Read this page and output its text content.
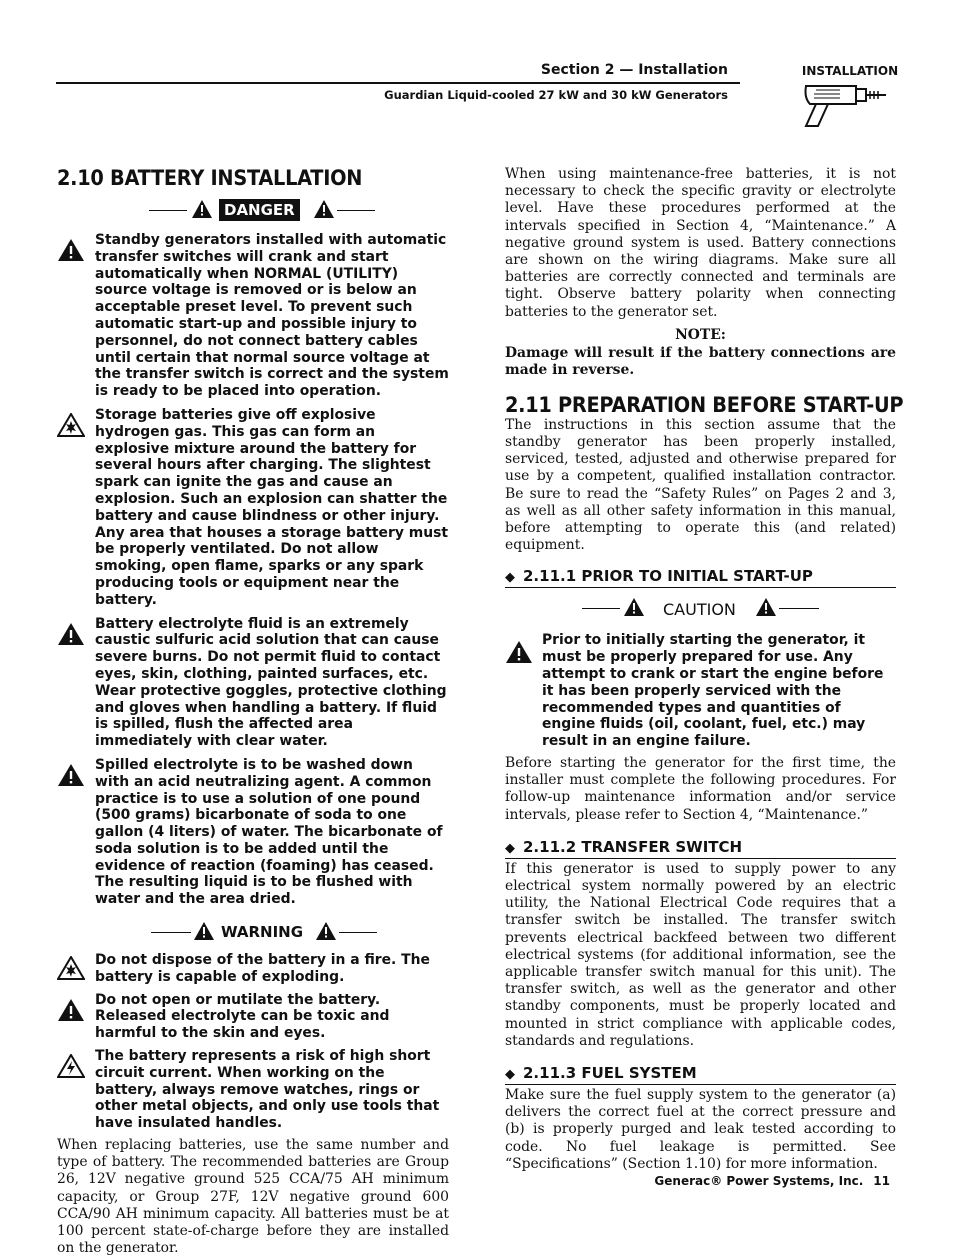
Section 2 — Installation
Guardian Liquid-cooled 27 kW and 30 kW Generators
INSTALLATION
2.10 BATTERY INSTALLATION
DANGER

Standby generators installed with automatic transfer switches will crank and start automatically when NORMAL (UTILITY) source voltage is removed or is below an acceptable preset level. To prevent such automatic start-up and possible injury to personnel, do not connect battery cables until certain that normal source voltage at the transfer switch is correct and the system is ready to be placed into operation.

Storage batteries give off explosive hydrogen gas. This gas can form an explosive mixture around the battery for several hours after charging. The slightest spark can ignite the gas and cause an explosion. Such an explosion can shatter the battery and cause blindness or other injury. Any area that houses a storage battery must be properly ventilated. Do not allow smoking, open flame, sparks or any spark producing tools or equipment near the battery.

Battery electrolyte fluid is an extremely caustic sulfuric acid solution that can cause severe burns. Do not permit fluid to contact eyes, skin, clothing, painted surfaces, etc. Wear protective goggles, protective clothing and gloves when handling a battery. If fluid is spilled, flush the affected area immediately with clear water.

Spilled electrolyte is to be washed down with an acid neutralizing agent. A common practice is to use a solution of one pound (500 grams) bicarbonate of soda to one gallon (4 liters) of water. The bicarbonate of soda solution is to be added until the evidence of reaction (foaming) has ceased. The resulting liquid is to be flushed with water and the area dried.

WARNING

Do not dispose of the battery in a fire. The battery is capable of exploding.

Do not open or mutilate the battery. Released electrolyte can be toxic and harmful to the skin and eyes.

The battery represents a risk of high short circuit current. When working on the battery, always remove watches, rings or other metal objects, and only use tools that have insulated handles.

When replacing batteries, use the same number and type of battery. The recommended batteries are Group 26, 12V negative ground 525 CCA/75 AH minimum capacity, or Group 27F, 12V negative ground 600 CCA/90 AH minimum capacity. All batteries must be at 100 percent state-of-charge before they are installed on the generator.

When using maintenance-free batteries, it is not necessary to check the specific gravity or electrolyte level. Have these procedures performed at the intervals specified in Section 4, “Maintenance.” A negative ground system is used. Battery connections are shown on the wiring diagrams. Make sure all batteries are correctly connected and terminals are tight. Observe battery polarity when connecting batteries to the generator set.

NOTE:

Damage will result if the battery connections are made in reverse.

2.11 PREPARATION BEFORE START-UP

The instructions in this section assume that the standby generator has been properly installed, serviced, tested, adjusted and otherwise prepared for use by a competent, qualified installation contractor. Be sure to read the “Safety Rules” on Pages 2 and 3, as well as all other safety information in this manual, before attempting to operate this (and related) equipment.

◆ 2.11.1 PRIOR TO INITIAL START-UP
CAUTION

Prior to initially starting the generator, it must be properly prepared for use. Any attempt to crank or start the engine before it has been properly serviced with the recommended types and quantities of engine fluids (oil, coolant, fuel, etc.) may result in an engine failure.

Before starting the generator for the first time, the installer must complete the following procedures. For follow-up maintenance information and/or service intervals, please refer to Section 4, “Maintenance.”

◆ 2.11.2 TRANSFER SWITCH

If this generator is used to supply power to any electrical system normally powered by an electric utility, the National Electrical Code requires that a transfer switch be installed. The transfer switch prevents electrical backfeed between two different electrical systems (for additional information, see the applicable transfer switch manual for this unit). The transfer switch, as well as the generator and other standby components, must be properly located and mounted in strict compliance with applicable codes, standards and regulations.

◆ 2.11.3 FUEL SYSTEM

Make sure the fuel supply system to the generator (a) delivers the correct fuel at the correct pressure and (b) is properly purged and leak tested according to code. No fuel leakage is permitted. See “Specifications” (Section 1.10) for more information.

Generac® Power Systems, Inc. 11
